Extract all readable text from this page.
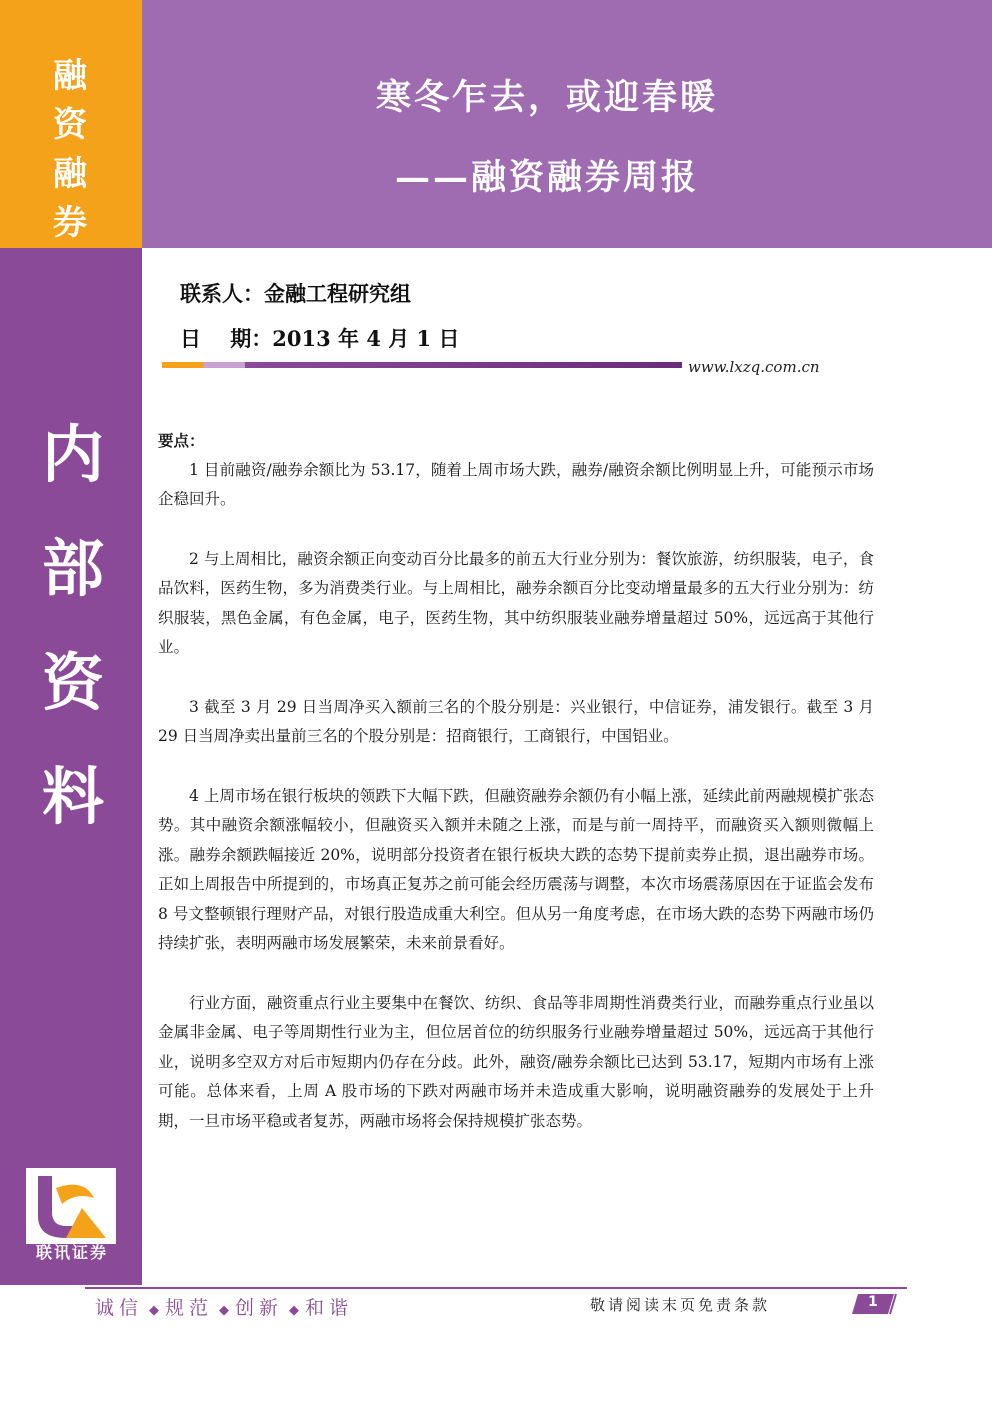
融
资
融
券
寒冬乍去，或迎春暖
——融资融券周报
内
部
资
料
联系人：金融工程研究组
日    期：2013 年 4 月 1 日
www.lxzq.com.cn
要点：

1 目前融资/融券余额比为 53.17，随着上周市场大跌，融券/融资余额比例明显上升，可能预示市场企稳回升。

2 与上周相比，融资余额正向变动百分比最多的前五大行业分别为：餐饮旅游，纺织服装，电子，食品饮料，医药生物，多为消费类行业。与上周相比，融券余额百分比变动增量最多的五大行业分别为：纺织服装，黑色金属，有色金属，电子，医药生物，其中纺织服装业融券增量超过 50%，远远高于其他行业。

3 截至 3 月 29 日当周净买入额前三名的个股分别是：兴业银行，中信证券，浦发银行。截至 3 月 29 日当周净卖出量前三名的个股分别是：招商银行，工商银行，中国铝业。

4 上周市场在银行板块的领跌下大幅下跌，但融资融券余额仍有小幅上涨，延续此前两融规模扩张态势。其中融资余额涨幅较小，但融资买入额并未随之上涨，而是与前一周持平，而融资买入额则微幅上涨。融券余额跌幅接近 20%，说明部分投资者在银行板块大跌的态势下提前卖券止损，退出融券市场。正如上周报告中所提到的，市场真正复苏之前可能会经历震荡与调整，本次市场震荡原因在于证监会发布 8 号文整顿银行理财产品，对银行股造成重大利空。但从另一角度考虑，在市场大跌的态势下两融市场仍持续扩张，表明两融市场发展繁荣，未来前景看好。

行业方面，融资重点行业主要集中在餐饮、纺织、食品等非周期性消费类行业，而融券重点行业虽以金属非金属、电子等周期性行业为主，但位居首位的纺织服务行业融券增量超过 50%，远远高于其他行业，说明多空双方对后市短期内仍存在分歧。此外，融资/融券余额比已达到 53.17，短期内市场有上涨可能。总体来看，上周 A 股市场的下跌对两融市场并未造成重大影响，说明融资融券的发展处于上升期，一旦市场平稳或者复苏，两融市场将会保持规模扩张态势。

联讯证券
诚信 ◆ 规范 ◆ 创新 ◆ 和谐	敬请阅读末页免责条款	1
